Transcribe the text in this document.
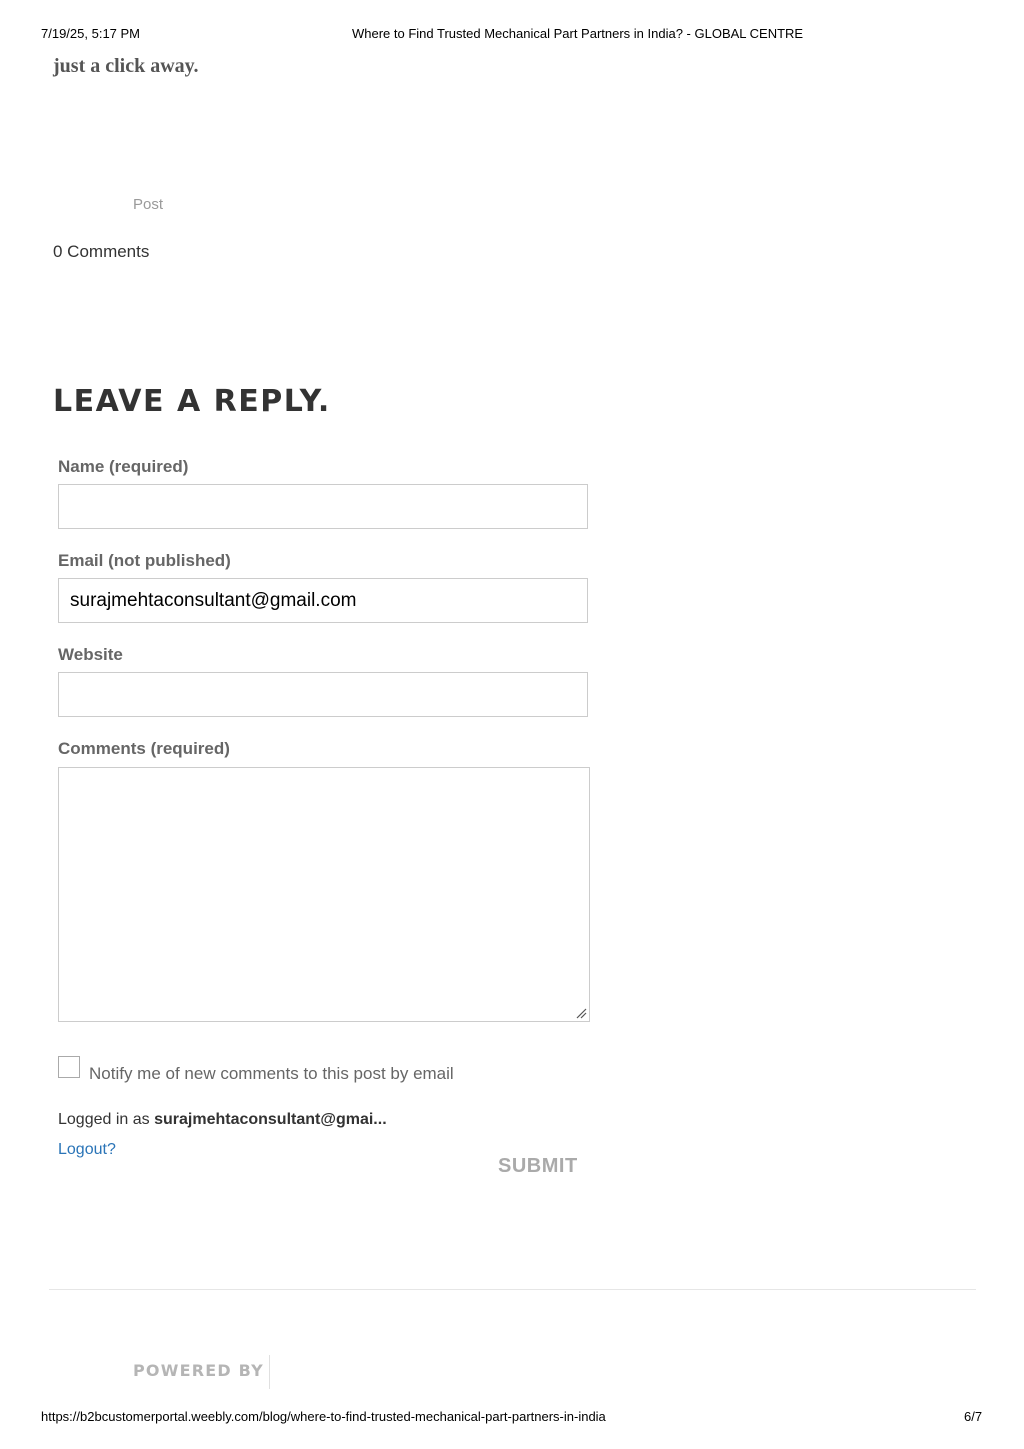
7/19/25, 5:17 PM	Where to Find Trusted Mechanical Part Partners in India? - GLOBAL CENTRE
just a click away.
Post
0 Comments
LEAVE A REPLY.
Name (required)
Email (not published)
surajmehtaconsultant@gmail.com
Website
Comments (required)
Notify me of new comments to this post by email
Logged in as surajmehtaconsultant@gmai...
Logout?
SUBMIT
POWERED BY
https://b2bcustomerportal.weebly.com/blog/where-to-find-trusted-mechanical-part-partners-in-india	6/7
